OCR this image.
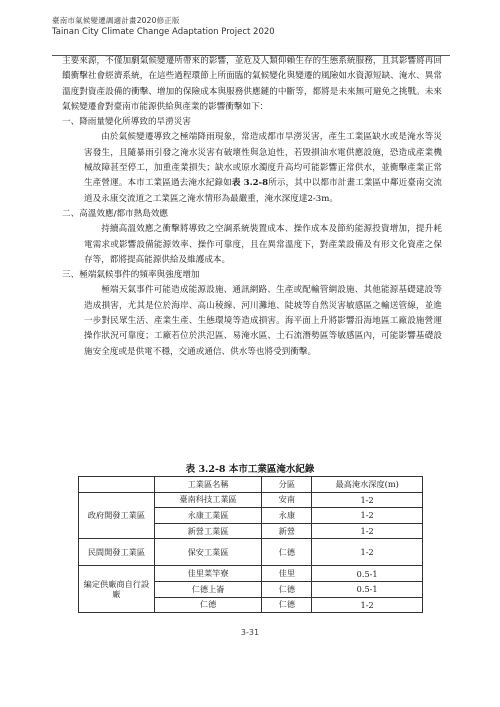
臺南市氣候變遷調適計畫2020修正版
Tainan City Climate Change Adaptation Project 2020

主要來源，不僅加劇氣候變遷所帶來的影響，並危及人類仰賴生存的生態系統服務，且其影響將再回饋衝擊社會經濟系統，在這些過程環節上所面臨的氣候變化與變遷的風險如水資源短缺、淹水、異常溫度對資產設備的衝擊、增加的保險成本與服務供應鏈的中斷等，都將是未來無可避免之挑戰。未來氣候變遷會對臺南市能源供給與產業的影響衝擊如下：

一、降雨量變化所導致的旱澇災害

由於氣候變遷導致之極端降雨現象，常造成都市旱澇災害，產生工業區缺水或是淹水等災害發生，且隨暴雨引發之淹水災害有破壞性與急迫性，若毀損油水電供應設施，恐造成產業機械故障甚至停工，加重產業損失；缺水或原水濁度升高均可能影響正常供水，並衝擊產業正常生產營運。本市工業區過去淹水紀錄如表 3.2-8所示，其中以都市計畫工業區中鄰近臺南交流道及永康交流道之工業區之淹水情形為最嚴重，淹水深度達2-3m。

二、高溫效應/都市熱島效應

持續高溫效應之衝擊將導致之空調系統裝置成本、操作成本及節約能源投資增加，提升耗電需求或影響設備能源效率、操作可靠度，且在異常溫度下，對產業設備及有形文化資產之保存等，都將提高能源供給及維護成本。

三、極端氣候事件的頻率與強度增加

極端天氣事件可能造成能源設施、通訊網路、生產或配輸管網設施、其他能源基礎建設等造成損害，尤其是位於海岸、高山稜線、河川灘地、陡坡等自然災害敏感區之輸送管線，並進一步對民眾生活、產業生產、生態環境等造成損害。海平面上升將影響沿海地區工廠設施營運操作狀況可靠度；工廠若位於洪氾區、易淹水區、土石流潛勢區等敏感區內，可能影響基礎設施安全度或是供電不穩，交通或通信、供水等也將受到衝擊。

表 3.2-8 本市工業區淹水紀錄
	工業區名稱	分區	最高淹水深度(m)
政府開發工業區	臺南科技工業區	安南	1-2
	永康工業區	永康	1-2
	新營工業區	新營	1-2
民間開發工業區	保安工業區	仁德	1-2
編定供廠商自行設廠	佳里菜竿寮	佳里	0.5-1
	仁德上崙	仁德	0.5-1
	仁德	仁德	1-2
3-31
